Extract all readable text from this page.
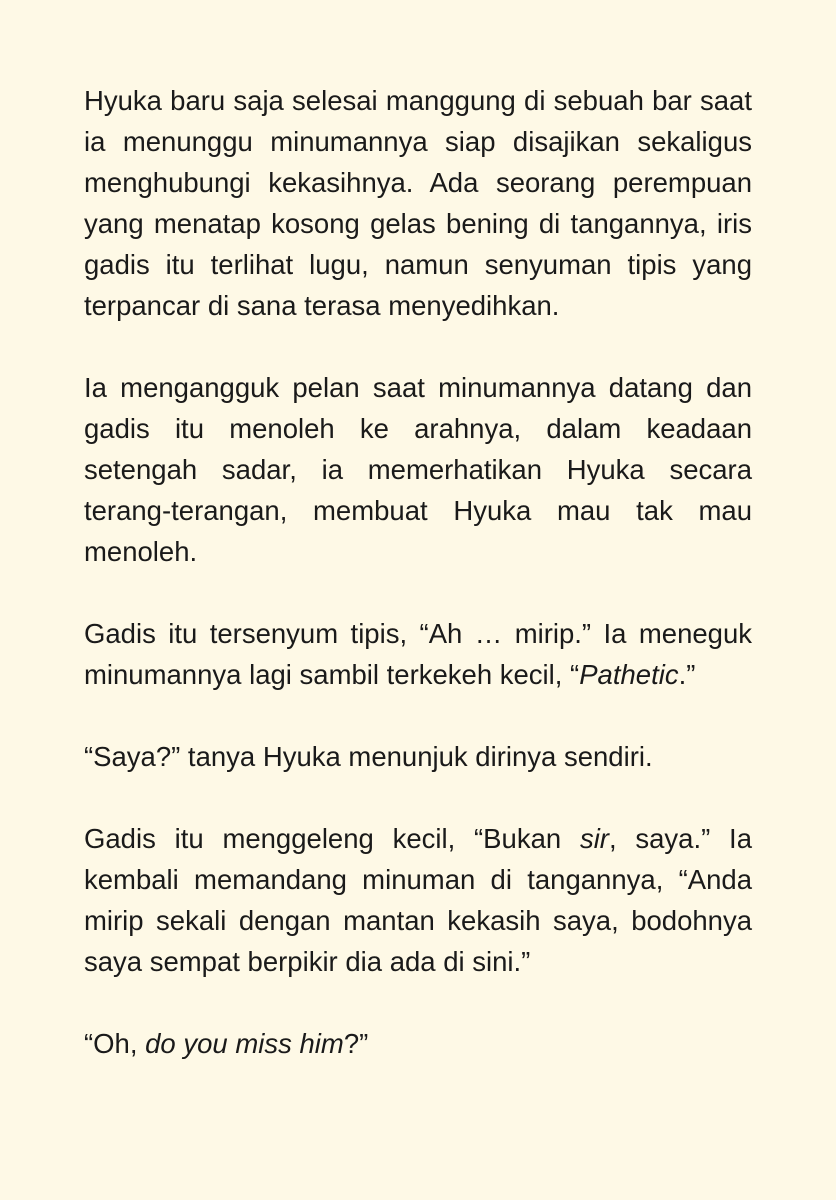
Hyuka baru saja selesai manggung di sebuah bar saat ia menunggu minumannya siap disajikan sekaligus menghubungi kekasihnya. Ada seorang perempuan yang menatap kosong gelas bening di tangannya, iris gadis itu terlihat lugu, namun senyuman tipis yang terpancar di sana terasa menyedihkan.

Ia mengangguk pelan saat minumannya datang dan gadis itu menoleh ke arahnya, dalam keadaan setengah sadar, ia memerhatikan Hyuka secara terang-terangan, membuat Hyuka mau tak mau menoleh.

Gadis itu tersenyum tipis, “Ah … mirip.” Ia meneguk minumannya lagi sambil terkekeh kecil, “Pathetic.”

“Saya?” tanya Hyuka menunjuk dirinya sendiri.

Gadis itu menggeleng kecil, “Bukan sir, saya.” Ia kembali memandang minuman di tangannya, “Anda mirip sekali dengan mantan kekasih saya, bodohnya saya sempat berpikir dia ada di sini.”

“Oh, do you miss him?”
